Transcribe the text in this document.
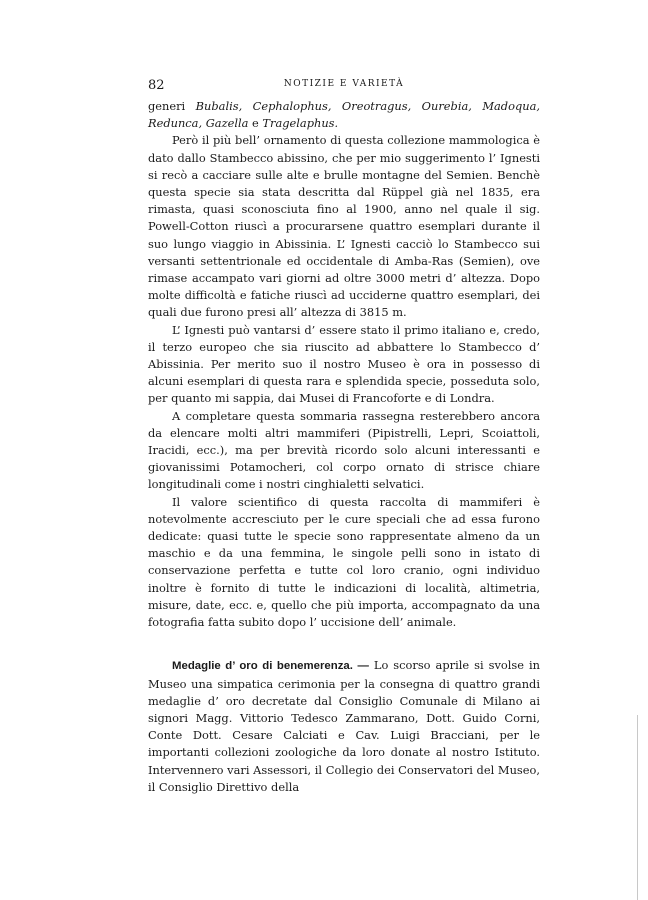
82	NOTIZIE E VARIETÀ

generi Bubalis, Cephalophus, Oreotragus, Ourebia, Madoqua, Redunca, Gazella e Tragelaphus.

Però il più bell’ ornamento di questa collezione mammologica è dato dallo Stambecco abissino, che per mio suggerimento l’ Ignesti si recò a cacciare sulle alte e brulle montagne del Semien. Benchè questa specie sia stata descritta dal Rüppel già nel 1835, era rimasta, quasi sconosciuta fino al 1900, anno nel quale il sig. Powell-Cotton riuscì a procurarsene quattro esemplari durante il suo lungo viaggio in Abissinia. L’ Ignesti cacciò lo Stambecco sui versanti settentrionale ed occidentale di Amba-Ras (Semien), ove rimase accampato vari giorni ad oltre 3000 metri d’ altezza. Dopo molte difficoltà e fatiche riuscì ad ucciderne quattro esemplari, dei quali due furono presi all’ altezza di 3815 m.

L’ Ignesti può vantarsi d’ essere stato il primo italiano e, credo, il terzo europeo che sia riuscito ad abbattere lo Stambecco d’ Abissinia. Per merito suo il nostro Museo è ora in possesso di alcuni esemplari di questa rara e splendida specie, posseduta solo, per quanto mi sappia, dai Musei di Francoforte e di Londra.

A completare questa sommaria rassegna resterebbero ancora da elencare molti altri mammiferi (Pipistrelli, Lepri, Scoiattoli, Iracidi, ecc.), ma per brevità ricordo solo alcuni interessanti e giovanissimi Potamocheri, col corpo ornato di strisce chiare longitudinali come i nostri cinghialetti selvatici.

Il valore scientifico di questa raccolta di mammiferi è notevolmente accresciuto per le cure speciali che ad essa furono dedicate: quasi tutte le specie sono rappresentate almeno da un maschio e da una femmina, le singole pelli sono in istato di conservazione perfetta e tutte col loro cranio, ogni individuo inoltre è fornito di tutte le indicazioni di località, altimetria, misure, date, ecc. e, quello che più importa, accompagnato da una fotografia fatta subito dopo l’ uccisione dell’ animale.

Medaglie d’ oro di benemerenza. — Lo scorso aprile si svolse in Museo una simpatica cerimonia per la consegna di quattro grandi medaglie d’ oro decretate dal Consiglio Comunale di Milano ai signori Magg. Vittorio Tedesco Zammarano, Dott. Guido Corni, Conte Dott. Cesare Calciati e Cav. Luigi Bracciani, per le importanti collezioni zoologiche da loro donate al nostro Istituto. Intervennero vari Assessori, il Collegio dei Conservatori del Museo, il Consiglio Direttivo della
